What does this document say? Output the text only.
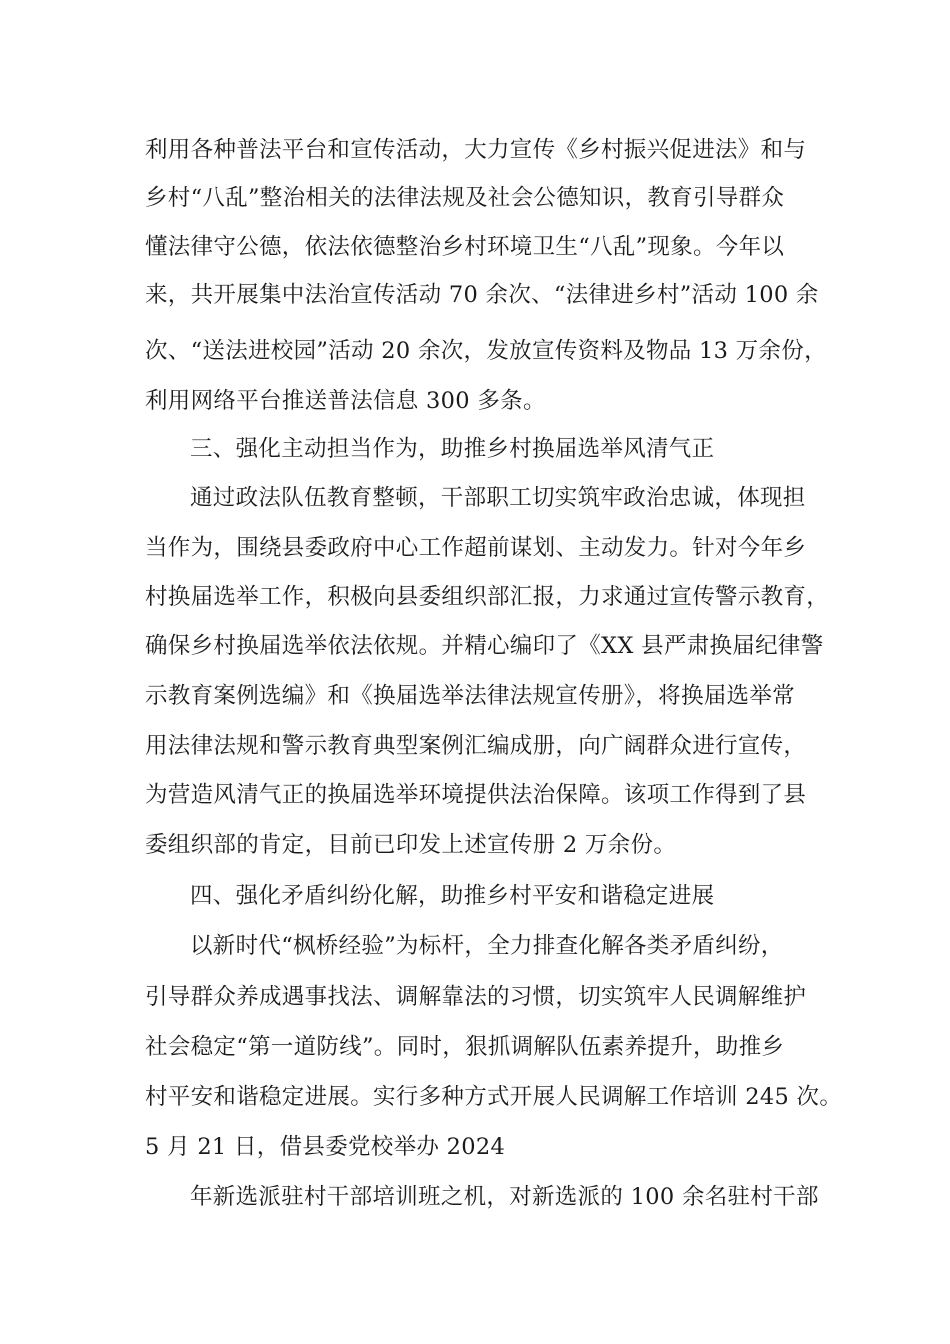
利用各种普法平台和宣传活动，大力宣传《乡村振兴促进法》和与
乡村“八乱”整治相关的法律法规及社会公德知识，教育引导群众
懂法律守公德，依法依德整治乡村环境卫生“八乱”现象。今年以
来，共开展集中法治宣传活动 70 余次、“法律进乡村”活动 100 余
次、“送法进校园”活动 20 余次，发放宣传资料及物品 13 万余份，
利用网络平台推送普法信息 300 多条。
三、强化主动担当作为，助推乡村换届选举风清气正
通过政法队伍教育整顿，干部职工切实筑牢政治忠诚，体现担
当作为，围绕县委政府中心工作超前谋划、主动发力。针对今年乡
村换届选举工作，积极向县委组织部汇报，力求通过宣传警示教育，
确保乡村换届选举依法依规。并精心编印了《XX 县严肃换届纪律警
示教育案例选编》和《换届选举法律法规宣传册》，将换届选举常
用法律法规和警示教育典型案例汇编成册，向广阔群众进行宣传，
为营造风清气正的换届选举环境提供法治保障。该项工作得到了县
委组织部的肯定，目前已印发上述宣传册 2 万余份。
四、强化矛盾纠纷化解，助推乡村平安和谐稳定进展
以新时代“枫桥经验”为标杆，全力排查化解各类矛盾纠纷，
引导群众养成遇事找法、调解靠法的习惯，切实筑牢人民调解维护
社会稳定“第一道防线”。同时，狠抓调解队伍素养提升，助推乡
村平安和谐稳定进展。实行多种方式开展人民调解工作培训 245 次。
5 月 21 日，借县委党校举办 2024
年新选派驻村干部培训班之机，对新选派的 100 余名驻村干部
